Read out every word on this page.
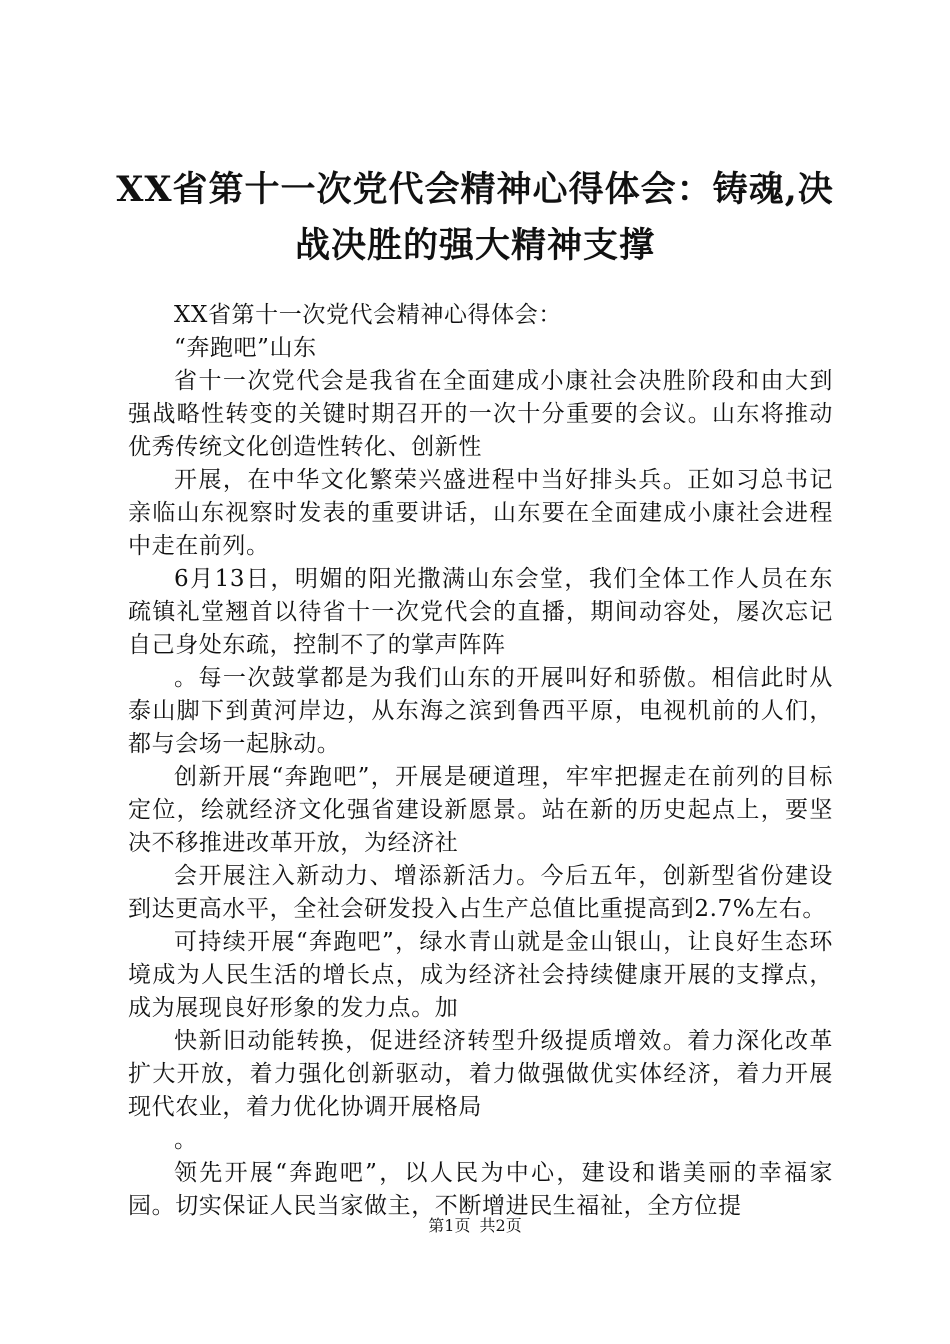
XX省第十一次党代会精神心得体会：铸魂,决战决胜的强大精神支撑

XX省第十一次党代会精神心得体会：

“奔跑吧”山东

省十一次党代会是我省在全面建成小康社会决胜阶段和由大到强战略性转变的关键时期召开的一次十分重要的会议。山东将推动优秀传统文化创造性转化、创新性

开展，在中华文化繁荣兴盛进程中当好排头兵。正如习总书记亲临山东视察时发表的重要讲话，山东要在全面建成小康社会进程中走在前列。

6月13日，明媚的阳光撒满山东会堂，我们全体工作人员在东疏镇礼堂翘首以待省十一次党代会的直播，期间动容处，屡次忘记自己身处东疏，控制不了的掌声阵阵

。每一次鼓掌都是为我们山东的开展叫好和骄傲。相信此时从泰山脚下到黄河岸边，从东海之滨到鲁西平原，电视机前的人们，都与会场一起脉动。

创新开展“奔跑吧”，开展是硬道理，牢牢把握走在前列的目标定位，绘就经济文化强省建设新愿景。站在新的历史起点上，要坚决不移推进改革开放，为经济社

会开展注入新动力、增添新活力。今后五年，创新型省份建设到达更高水平，全社会研发投入占生产总值比重提高到2.7%左右。

可持续开展“奔跑吧”，绿水青山就是金山银山，让良好生态环境成为人民生活的增长点，成为经济社会持续健康开展的支撑点，成为展现良好形象的发力点。加

快新旧动能转换，促进经济转型升级提质增效。着力深化改革扩大开放，着力强化创新驱动，着力做强做优实体经济，着力开展现代农业，着力优化协调开展格局

。

领先开展“奔跑吧”，以人民为中心，建设和谐美丽的幸福家园。切实保证人民当家做主，不断增进民生福祉，全方位提

第1页 共2页
